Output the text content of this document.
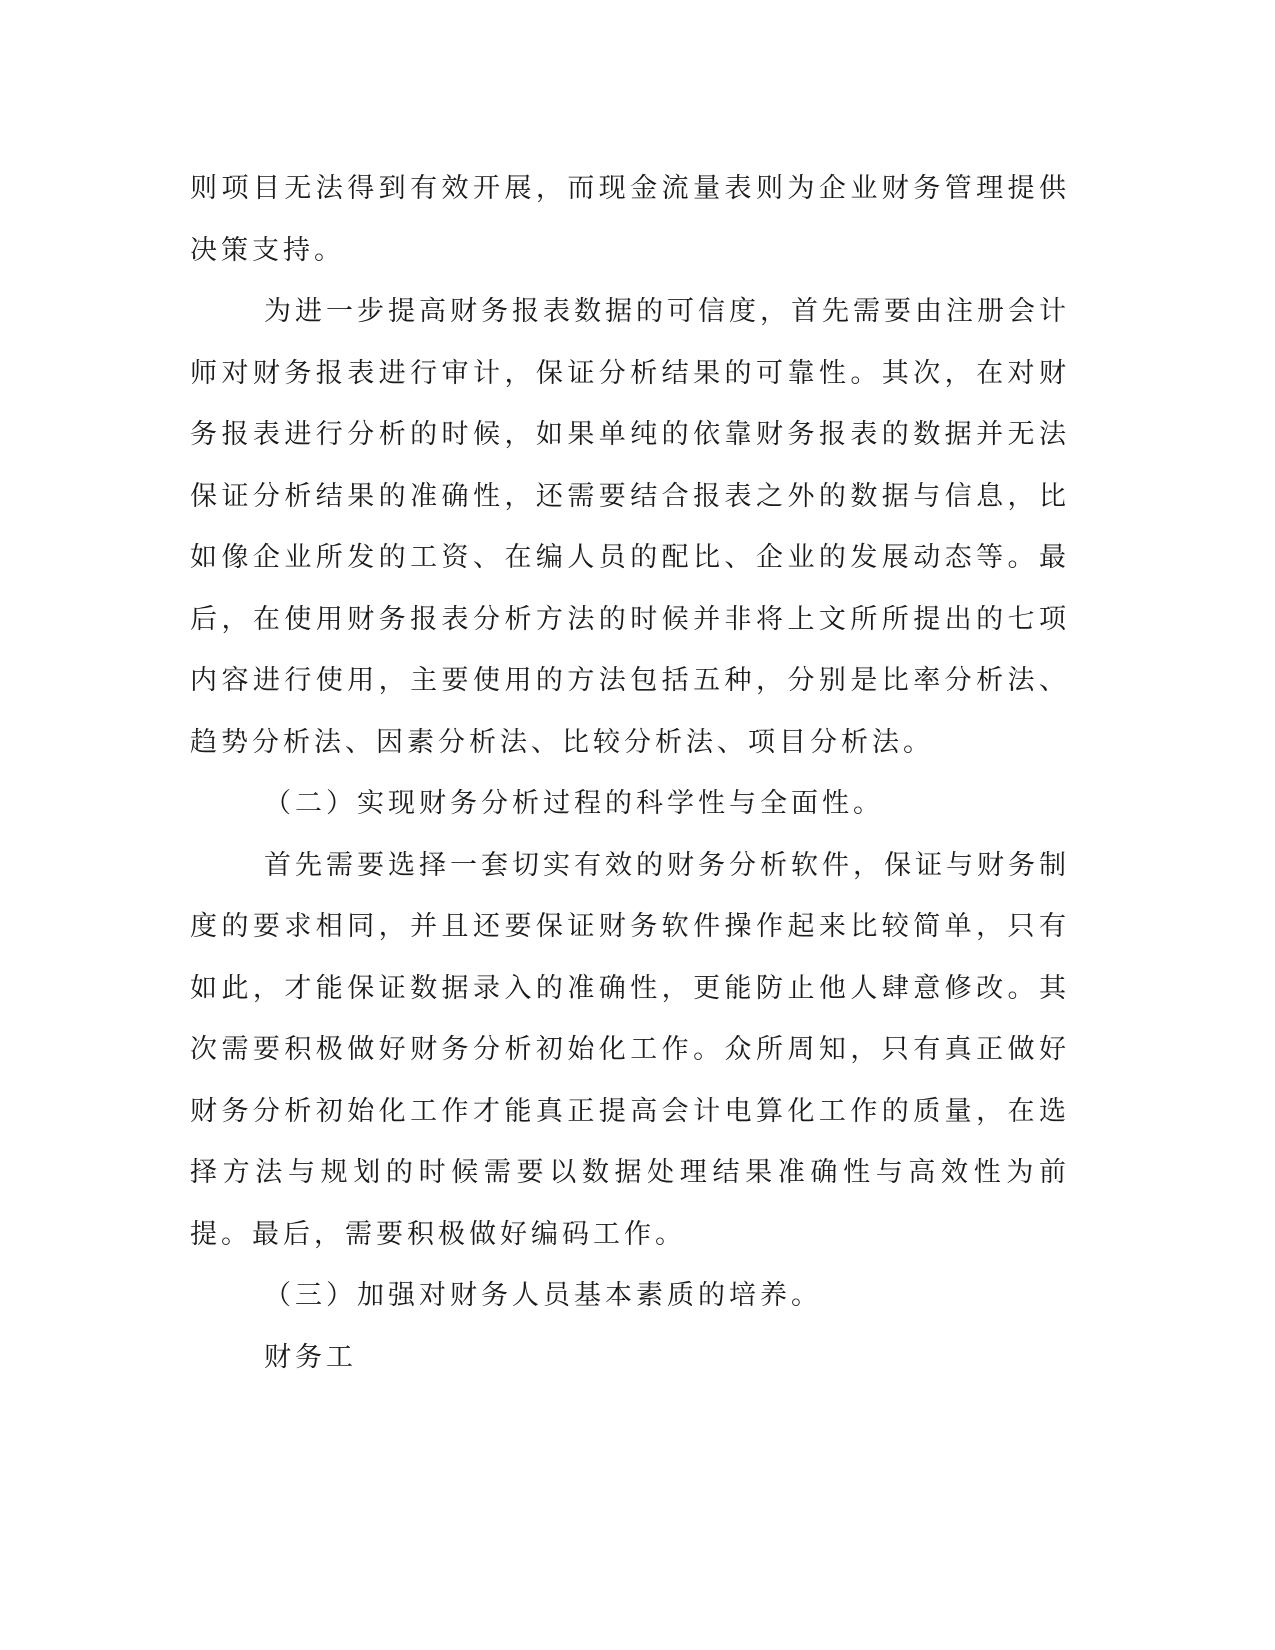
则项目无法得到有效开展，而现金流量表则为企业财务管理提供决策支持。

为进一步提高财务报表数据的可信度，首先需要由注册会计师对财务报表进行审计，保证分析结果的可靠性。其次，在对财务报表进行分析的时候，如果单纯的依靠财务报表的数据并无法保证分析结果的准确性，还需要结合报表之外的数据与信息，比如像企业所发的工资、在编人员的配比、企业的发展动态等。最后，在使用财务报表分析方法的时候并非将上文所所提出的七项内容进行使用，主要使用的方法包括五种，分别是比率分析法、趋势分析法、因素分析法、比较分析法、项目分析法。

（二）实现财务分析过程的科学性与全面性。

首先需要选择一套切实有效的财务分析软件，保证与财务制度的要求相同，并且还要保证财务软件操作起来比较简单，只有如此，才能保证数据录入的准确性，更能防止他人肆意修改。其次需要积极做好财务分析初始化工作。众所周知，只有真正做好财务分析初始化工作才能真正提高会计电算化工作的质量，在选择方法与规划的时候需要以数据处理结果准确性与高效性为前提。最后，需要积极做好编码工作。

（三）加强对财务人员基本素质的培养。

财务工
